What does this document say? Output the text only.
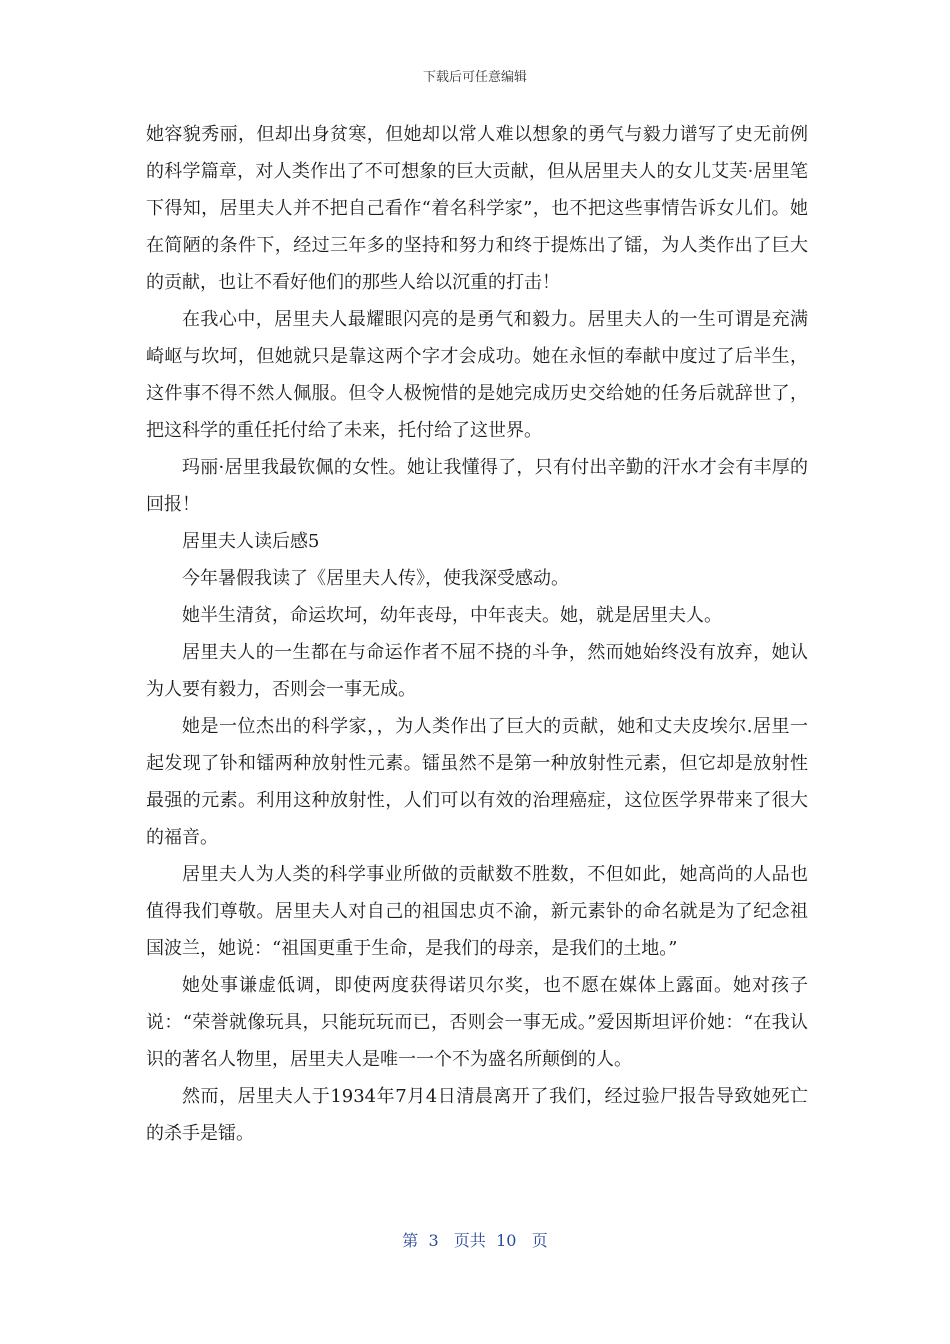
下载后可任意编辑

她容貌秀丽，但却出身贫寒，但她却以常人难以想象的勇气与毅力谱写了史无前例的科学篇章，对人类作出了不可想象的巨大贡献，但从居里夫人的女儿艾芙·居里笔下得知，居里夫人并不把自己看作“着名科学家”，也不把这些事情告诉女儿们。她在简陋的条件下，经过三年多的坚持和努力和终于提炼出了镭，为人类作出了巨大的贡献，也让不看好他们的那些人给以沉重的打击！

在我心中，居里夫人最耀眼闪亮的是勇气和毅力。居里夫人的一生可谓是充满崎岖与坎坷，但她就只是靠这两个字才会成功。她在永恒的奉献中度过了后半生，这件事不得不然人佩服。但令人极惋惜的是她完成历史交给她的任务后就辞世了，把这科学的重任托付给了未来，托付给了这世界。

玛丽·居里我最钦佩的女性。她让我懂得了，只有付出辛勤的汗水才会有丰厚的回报！

居里夫人读后感5

今年暑假我读了《居里夫人传》，使我深受感动。

她半生清贫，命运坎坷，幼年丧母，中年丧夫。她，就是居里夫人。

居里夫人的一生都在与命运作者不屈不挠的斗争，然而她始终没有放弃，她认为人要有毅力，否则会一事无成。

她是一位杰出的科学家，，为人类作出了巨大的贡献，她和丈夫皮埃尔.居里一起发现了钋和镭两种放射性元素。镭虽然不是第一种放射性元素，但它却是放射性最强的元素。利用这种放射性，人们可以有效的治理癌症，这位医学界带来了很大的福音。

居里夫人为人类的科学事业所做的贡献数不胜数，不但如此，她高尚的人品也值得我们尊敬。居里夫人对自己的祖国忠贞不渝，新元素钋的命名就是为了纪念祖国波兰，她说：“祖国更重于生命，是我们的母亲，是我们的土地。”

她处事谦虚低调，即使两度获得诺贝尔奖，也不愿在媒体上露面。她对孩子说：“荣誉就像玩具，只能玩玩而已，否则会一事无成。”爱因斯坦评价她：“在我认识的著名人物里，居里夫人是唯一一个不为盛名所颠倒的人。

然而，居里夫人于1934年7月4日清晨离开了我们，经过验尸报告导致她死亡的杀手是镭。

第  3   页共  10   页
